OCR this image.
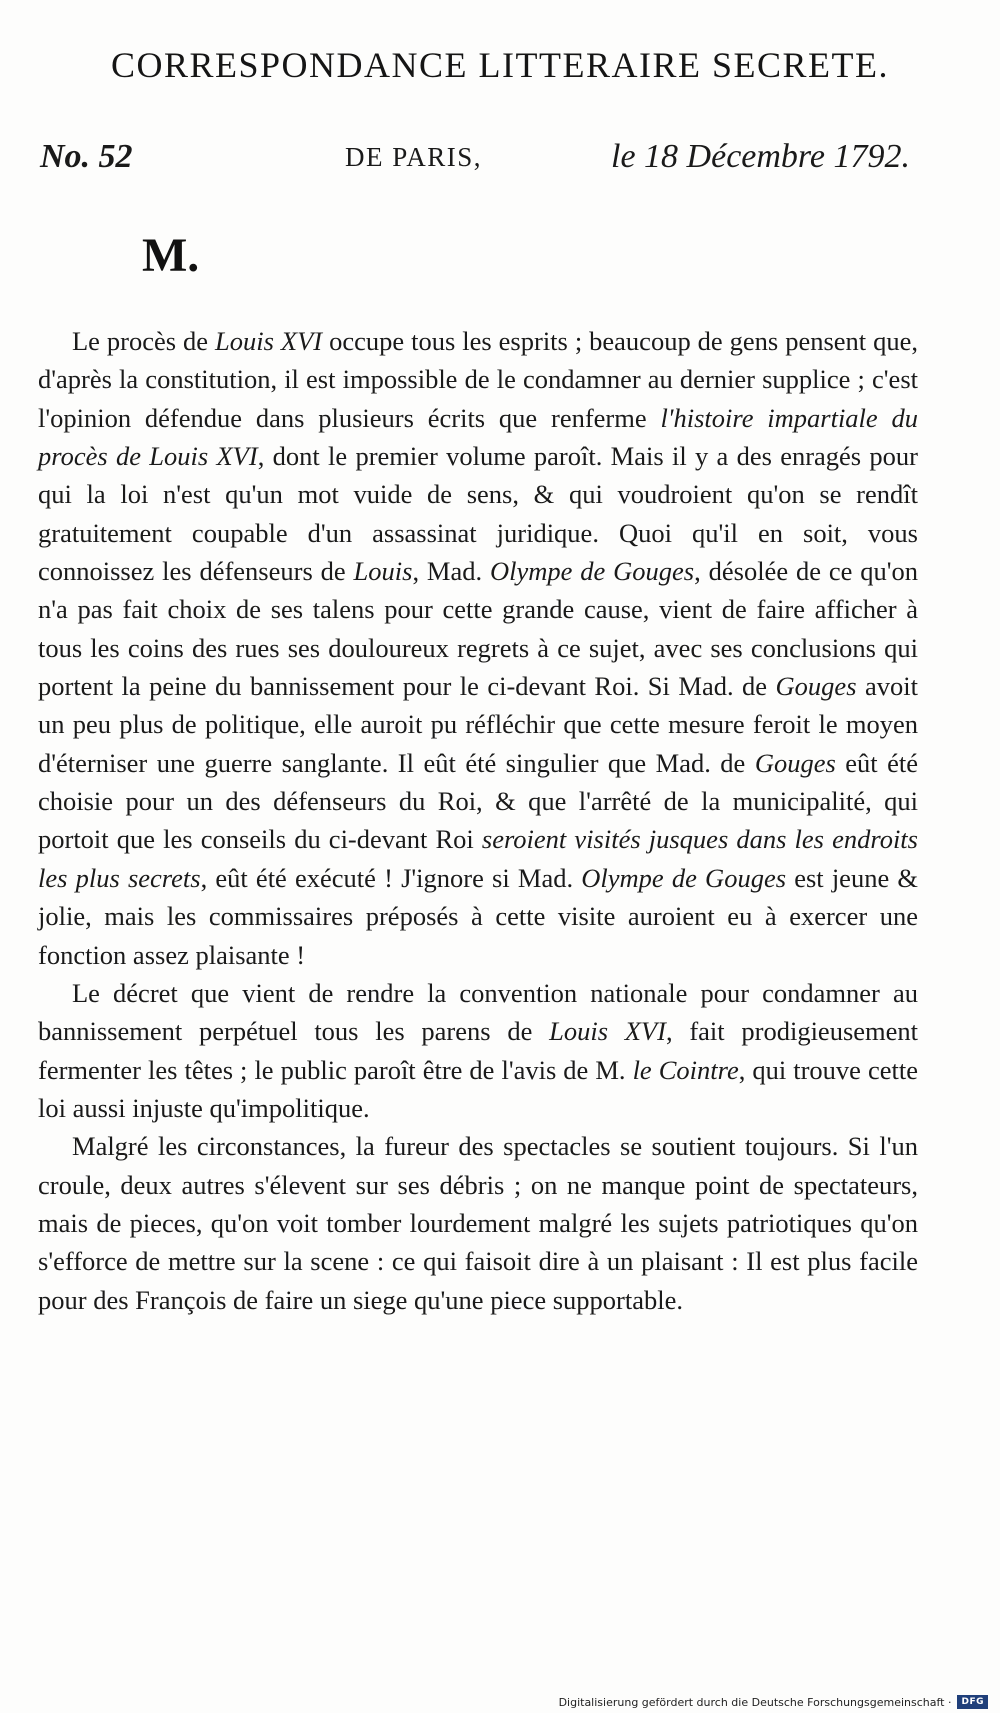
CORRESPONDANCE LITTERAIRE SECRETE.
No. 52	DE PARIS,	le 18 Décembre 1792.
M.

Le procès de Louis XVI occupe tous les esprits ; beaucoup de gens pensent que, d'après la constitution, il est impossible de le condamner au dernier supplice ; c'est l'opinion défendue dans plusieurs écrits que renferme l'histoire impartiale du procès de Louis XVI, dont le premier volume paroît. Mais il y a des enragés pour qui la loi n'est qu'un mot vuide de sens, & qui voudroient qu'on se rendît gratuitement coupable d'un assassinat juridique. Quoi qu'il en soit, vous connoissez les défenseurs de Louis, Mad. Olympe de Gouges, désolée de ce qu'on n'a pas fait choix de ses talens pour cette grande cause, vient de faire afficher à tous les coins des rues ses douloureux regrets à ce sujet, avec ses conclusions qui portent la peine du bannissement pour le ci-devant Roi. Si Mad. de Gouges avoit un peu plus de politique, elle auroit pu réfléchir que cette mesure feroit le moyen d'éterniser une guerre sanglante. Il eût été singulier que Mad. de Gouges eût été choisie pour un des défenseurs du Roi, & que l'arrêté de la municipalité, qui portoit que les conseils du ci-devant Roi seroient visités jusques dans les endroits les plus secrets, eût été exécuté ! J'ignore si Mad. Olympe de Gouges est jeune & jolie, mais les commissaires préposés à cette visite auroient eu à exercer une fonction assez plaisante !

Le décret que vient de rendre la convention nationale pour condamner au bannissement perpétuel tous les parens de Louis XVI, fait prodigieusement fermenter les têtes ; le public paroît être de l'avis de M. le Cointre, qui trouve cette loi aussi injuste qu'impolitique.

Malgré les circonstances, la fureur des spectacles se soutient toujours. Si l'un croule, deux autres s'élevent sur ses débris ; on ne manque point de spectateurs, mais de pieces, qu'on voit tomber lourdement malgré les sujets patriotiques qu'on s'efforce de mettre sur la scene : ce qui faisoit dire à un plaisant : Il est plus facile pour des François de faire un siege qu'une piece supportable.

Digitalisierung gefördert durch die Deutsche Forschungsgemeinschaft ·	DFG
